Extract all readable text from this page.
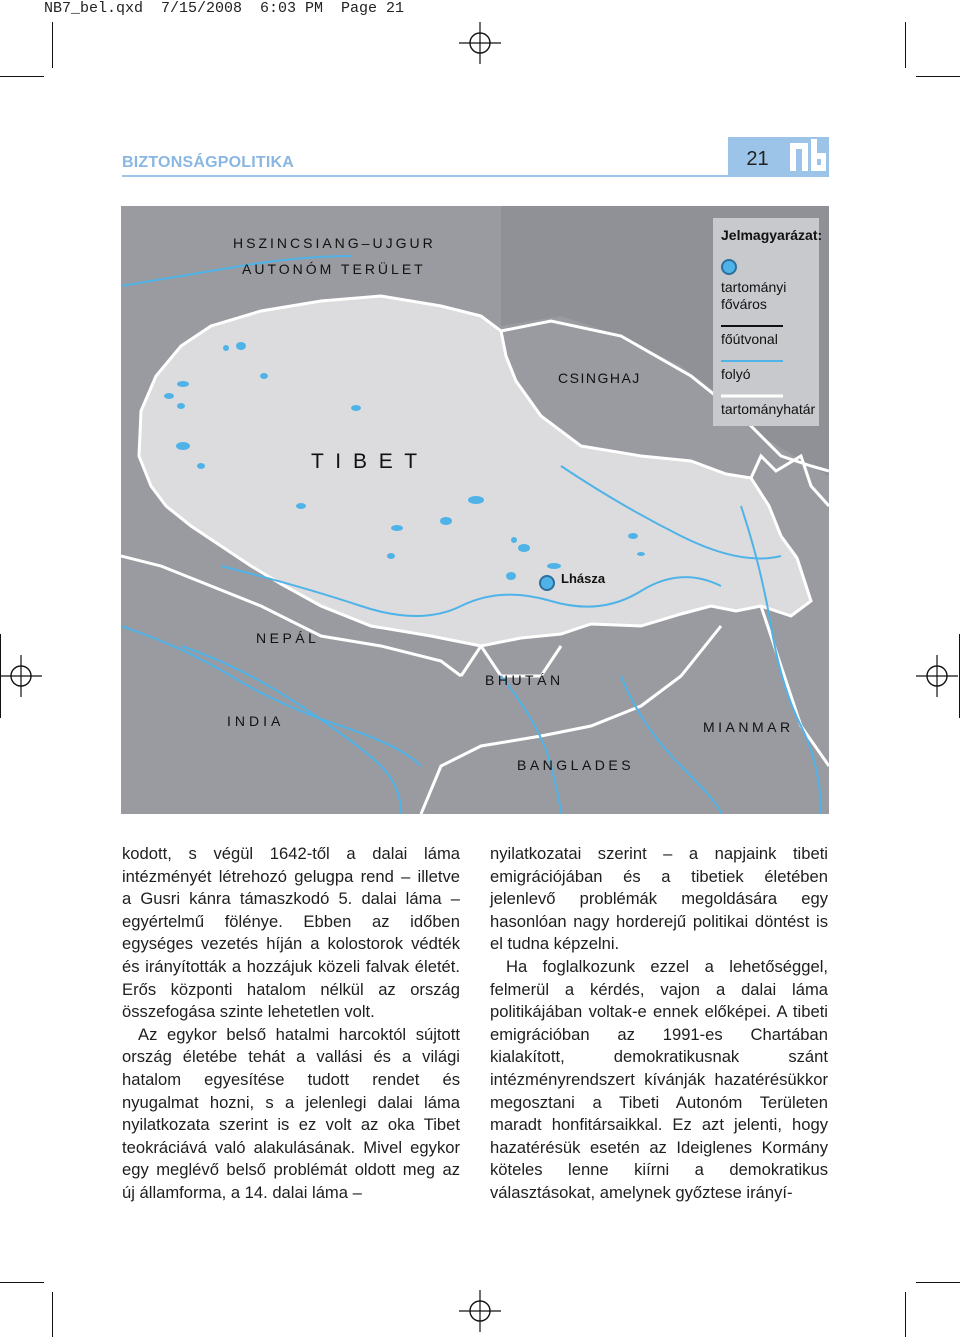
NB7_bel.qxd  7/15/2008  6:03 PM  Page 21
BIZTONSÁGPOLITIKA	21
Lhásza
HSZINCSIANG–UJGUR
AUTONÓM TERÜLET
CSINGHAJ
T I B E T
NEPÁL
INDIA
BHUTÁN
MIANMAR
BANGLADES
Jelmagyarázat:
tartományi
főváros
főútvonal
folyó
tartományhatár

kodott, s végül 1642-től a dalai láma intézményét létrehozó gelugpa rend – illetve a Gusri kánra támaszkodó 5. dalai láma – egyértelmű fölénye. Ebben az időben egységes vezetés híján a kolostorok védték és irányították a hozzájuk közeli falvak életét. Erős központi hatalom nélkül az ország összefogása szinte lehetetlen volt.

Az egykor belső hatalmi harcoktól sújtott ország életébe tehát a vallási és a világi hatalom egyesítése tudott rendet és nyugalmat hozni, s a jelenlegi dalai láma nyilatkozata szerint is ez volt az oka Tibet teokráciává való alakulásának. Mivel egykor egy meglévő belső problémát oldott meg az új államforma, a 14. dalai láma –

nyilatkozatai szerint – a napjaink tibeti emigrációjában és a tibetiek életében jelenlevő problémák megoldására egy hasonlóan nagy horderejű politikai döntést is el tudna képzelni.

Ha foglalkozunk ezzel a lehetőséggel, felmerül a kérdés, vajon a dalai láma politikájában voltak-e ennek előképei. A tibeti emigrációban az 1991-es Chartában kialakított, demokratikusnak szánt intézményrendszert kívánják hazatérésükkor megosztani a Tibeti Autonóm Területen maradt honfitársaikkal. Ez azt jelenti, hogy hazatérésük esetén az Ideiglenes Kormány köteles lenne kiírni a demokratikus választásokat, amelynek győztese irányí-
